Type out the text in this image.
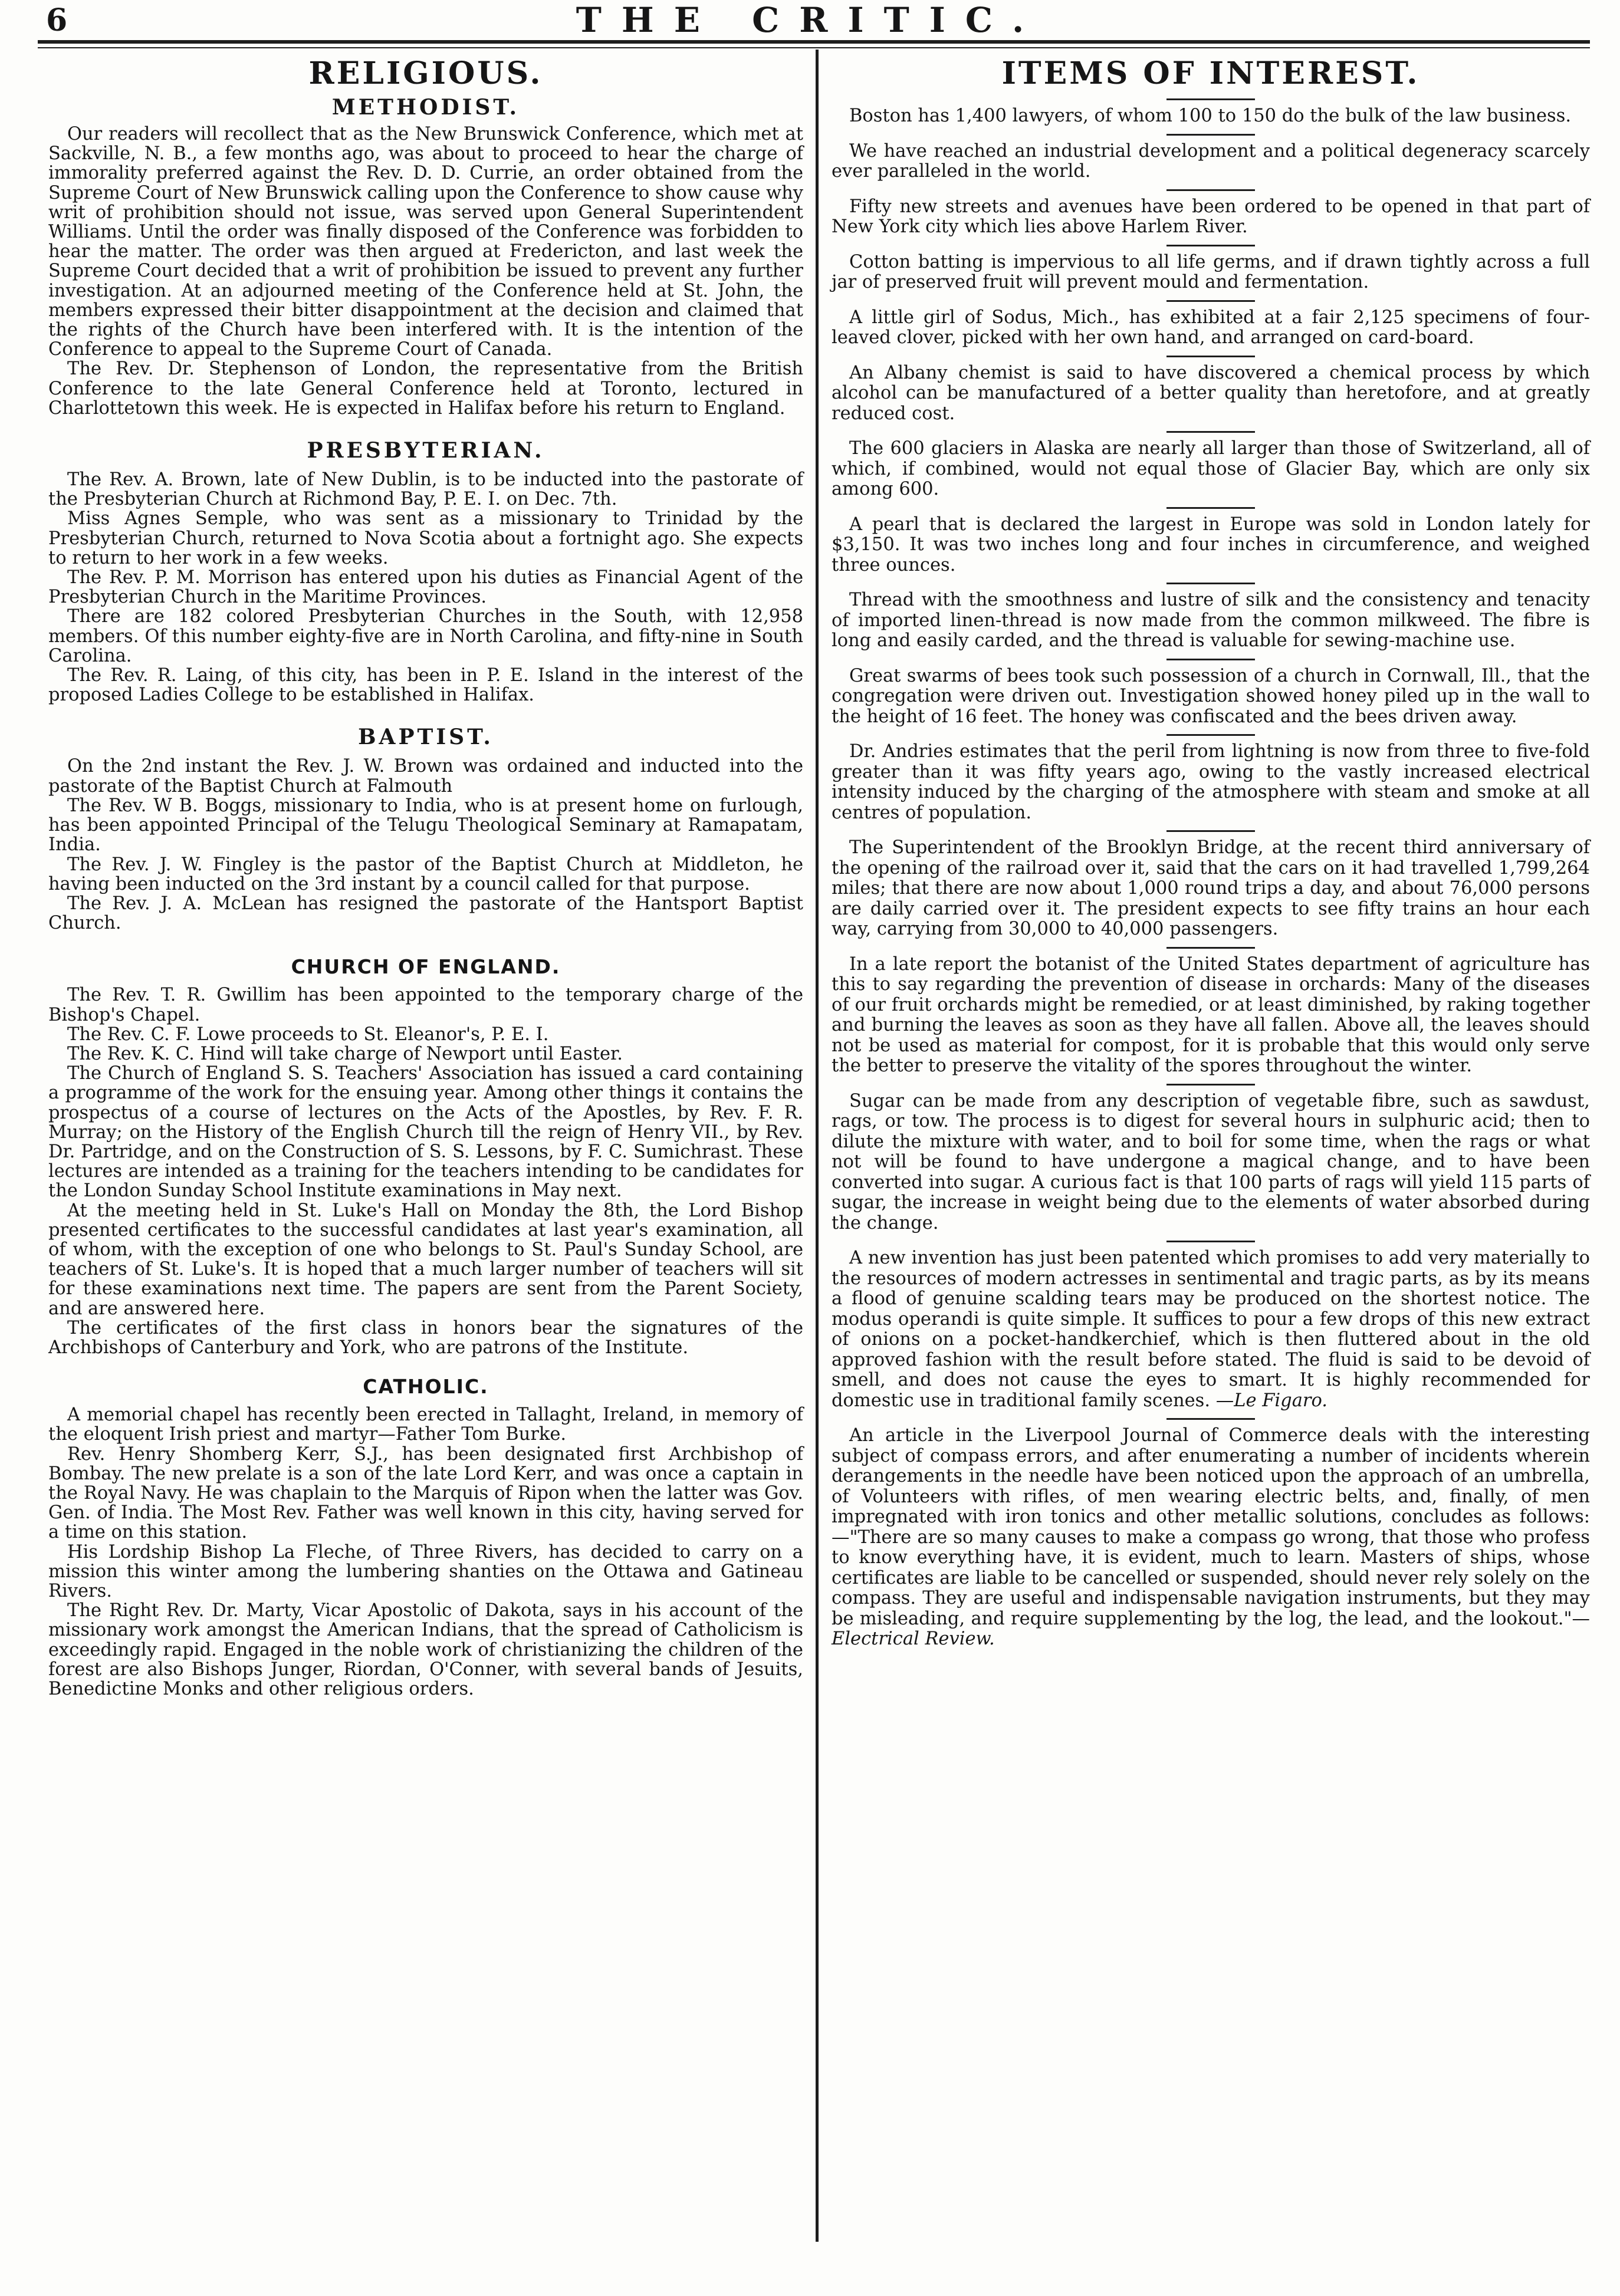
6	THE CRITIC.
RELIGIOUS.
METHODIST.

Our readers will recollect that as the New Brunswick Conference, which met at Sackville, N. B., a few months ago, was about to proceed to hear the charge of immorality preferred against the Rev. D. D. Currie, an order obtained from the Supreme Court of New Brunswick calling upon the Conference to show cause why writ of prohibition should not issue, was served upon General Superintendent Williams. Until the order was finally disposed of the Conference was forbidden to hear the matter. The order was then argued at Fredericton, and last week the Supreme Court decided that a writ of prohibition be issued to prevent any further investigation. At an adjourned meeting of the Conference held at St. John, the members expressed their bitter disappointment at the decision and claimed that the rights of the Church have been interfered with. It is the intention of the Conference to appeal to the Supreme Court of Canada.

The Rev. Dr. Stephenson of London, the representative from the British Conference to the late General Conference held at Toronto, lectured in Charlottetown this week. He is expected in Halifax before his return to England.

PRESBYTERIAN.

The Rev. A. Brown, late of New Dublin, is to be inducted into the pastorate of the Presbyterian Church at Richmond Bay, P. E. I. on Dec. 7th.

Miss Agnes Semple, who was sent as a missionary to Trinidad by the Presbyterian Church, returned to Nova Scotia about a fortnight ago. She expects to return to her work in a few weeks.

The Rev. P. M. Morrison has entered upon his duties as Financial Agent of the Presbyterian Church in the Maritime Provinces.

There are 182 colored Presbyterian Churches in the South, with 12,958 members. Of this number eighty-five are in North Carolina, and fifty-nine in South Carolina.

The Rev. R. Laing, of this city, has been in P. E. Island in the interest of the proposed Ladies College to be established in Halifax.

BAPTIST.

On the 2nd instant the Rev. J. W. Brown was ordained and inducted into the pastorate of the Baptist Church at Falmouth

The Rev. W B. Boggs, missionary to India, who is at present home on furlough, has been appointed Principal of the Telugu Theological Seminary at Ramapatam, India.

The Rev. J. W. Fingley is the pastor of the Baptist Church at Middleton, he having been inducted on the 3rd instant by a council called for that purpose.

The Rev. J. A. McLean has resigned the pastorate of the Hantsport Baptist Church.

CHURCH OF ENGLAND.

The Rev. T. R. Gwillim has been appointed to the temporary charge of the Bishop's Chapel.

The Rev. C. F. Lowe proceeds to St. Eleanor's, P. E. I.

The Rev. K. C. Hind will take charge of Newport until Easter.

The Church of England S. S. Teachers' Association has issued a card containing a programme of the work for the ensuing year. Among other things it contains the prospectus of a course of lectures on the Acts of the Apostles, by Rev. F. R. Murray; on the History of the English Church till the reign of Henry VII., by Rev. Dr. Partridge, and on the Construction of S. S. Lessons, by F. C. Sumichrast. These lectures are intended as a training for the teachers intending to be candidates for the London Sunday School Institute examinations in May next.

At the meeting held in St. Luke's Hall on Monday the 8th, the Lord Bishop presented certificates to the successful candidates at last year's examination, all of whom, with the exception of one who belongs to St. Paul's Sunday School, are teachers of St. Luke's. It is hoped that a much larger number of teachers will sit for these examinations next time. The papers are sent from the Parent Society, and are answered here.

The certificates of the first class in honors bear the signatures of the Archbishops of Canterbury and York, who are patrons of the Institute.

CATHOLIC.

A memorial chapel has recently been erected in Tallaght, Ireland, in memory of the eloquent Irish priest and martyr—Father Tom Burke.

Rev. Henry Shomberg Kerr, S.J., has been designated first Archbishop of Bombay. The new prelate is a son of the late Lord Kerr, and was once a captain in the Royal Navy. He was chaplain to the Marquis of Ripon when the latter was Gov. Gen. of India. The Most Rev. Father was well known in this city, having served for a time on this station.

His Lordship Bishop La Fleche, of Three Rivers, has decided to carry on a mission this winter among the lumbering shanties on the Ottawa and Gatineau Rivers.

The Right Rev. Dr. Marty, Vicar Apostolic of Dakota, says in his account of the missionary work amongst the American Indians, that the spread of Catholicism is exceedingly rapid. Engaged in the noble work of christianizing the children of the forest are also Bishops Junger, Riordan, O'Conner, with several bands of Jesuits, Benedictine Monks and other religious orders.

ITEMS OF INTEREST.

Boston has 1,400 lawyers, of whom 100 to 150 do the bulk of the law business.

We have reached an industrial development and a political degeneracy scarcely ever paralleled in the world.

Fifty new streets and avenues have been ordered to be opened in that part of New York city which lies above Harlem River.

Cotton batting is impervious to all life germs, and if drawn tightly across a full jar of preserved fruit will prevent mould and fermentation.

A little girl of Sodus, Mich., has exhibited at a fair 2,125 specimens of four-leaved clover, picked with her own hand, and arranged on card-board.

An Albany chemist is said to have discovered a chemical process by which alcohol can be manufactured of a better quality than heretofore, and at greatly reduced cost.

The 600 glaciers in Alaska are nearly all larger than those of Switzerland, all of which, if combined, would not equal those of Glacier Bay, which are only six among 600.

A pearl that is declared the largest in Europe was sold in London lately for $3,150. It was two inches long and four inches in circumference, and weighed three ounces.

Thread with the smoothness and lustre of silk and the consistency and tenacity of imported linen-thread is now made from the common milkweed. The fibre is long and easily carded, and the thread is valuable for sewing-machine use.

Great swarms of bees took such possession of a church in Cornwall, Ill., that the congregation were driven out. Investigation showed honey piled up in the wall to the height of 16 feet. The honey was confiscated and the bees driven away.

Dr. Andries estimates that the peril from lightning is now from three to five-fold greater than it was fifty years ago, owing to the vastly increased electrical intensity induced by the charging of the atmosphere with steam and smoke at all centres of population.

The Superintendent of the Brooklyn Bridge, at the recent third anniversary of the opening of the railroad over it, said that the cars on it had travelled 1,799,264 miles; that there are now about 1,000 round trips a day, and about 76,000 persons are daily carried over it. The president expects to see fifty trains an hour each way, carrying from 30,000 to 40,000 passengers.

In a late report the botanist of the United States department of agriculture has this to say regarding the prevention of disease in orchards: Many of the diseases of our fruit orchards might be remedied, or at least diminished, by raking together and burning the leaves as soon as they have all fallen. Above all, the leaves should not be used as material for compost, for it is probable that this would only serve the better to preserve the vitality of the spores throughout the winter.

Sugar can be made from any description of vegetable fibre, such as sawdust, rags, or tow. The process is to digest for several hours in sulphuric acid; then to dilute the mixture with water, and to boil for some time, when the rags or what not will be found to have undergone a magical change, and to have been converted into sugar. A curious fact is that 100 parts of rags will yield 115 parts of sugar, the increase in weight being due to the elements of water absorbed during the change.

A new invention has just been patented which promises to add very materially to the resources of modern actresses in sentimental and tragic parts, as by its means a flood of genuine scalding tears may be produced on the shortest notice. The modus operandi is quite simple. It suffices to pour a few drops of this new extract of onions on a pocket-handkerchief, which is then fluttered about in the old approved fashion with the result before stated. The fluid is said to be devoid of smell, and does not cause the eyes to smart. It is highly recommended for domestic use in traditional family scenes. —Le Figaro.

An article in the Liverpool Journal of Commerce deals with the interesting subject of compass errors, and after enumerating a number of incidents wherein derangements in the needle have been noticed upon the approach of an umbrella, of Volunteers with rifles, of men wearing electric belts, and, finally, of men impregnated with iron tonics and other metallic solutions, concludes as follows:—"There are so many causes to make a compass go wrong, that those who profess to know everything have, it is evident, much to learn. Masters of ships, whose certificates are liable to be cancelled or suspended, should never rely solely on the compass. They are useful and indispensable navigation instruments, but they may be misleading, and require supplementing by the log, the lead, and the lookout."— Electrical Review.
